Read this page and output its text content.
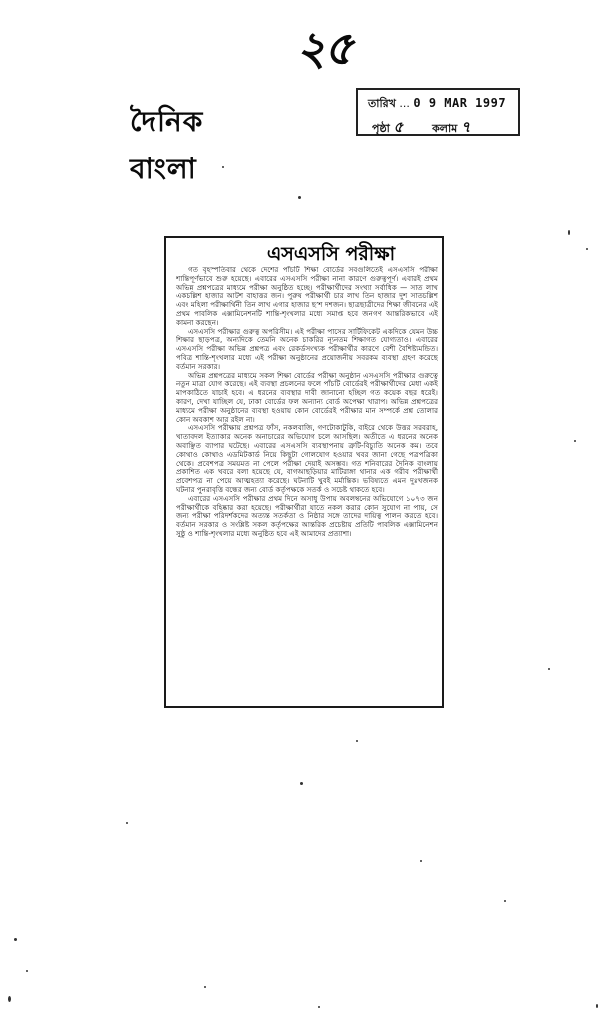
২৫
দৈনিক বাংলা
তারিখ ... 0 9 MAR 1997
পৃষ্ঠা ৫	কলাম ৭
এসএসসি পরীক্ষা

গত বৃহস্পতিবার থেকে দেশের পাঁচটি শিক্ষা বোর্ডের সবগুলিতেই এসএসসি পরীক্ষা শান্তিপূর্ণভাবে শুরু হয়েছে। এবারের এসএসসি পরীক্ষা নানা কারণে গুরুত্বপূর্ণ। এবারই প্রথম অভিন্ন প্রশ্নপত্রের মাধ্যমে পরীক্ষা অনুষ্ঠিত হচ্ছে। পরীক্ষার্থীদের সংখ্যা সর্বাধিক — সাত লাখ একচল্লিশ হাজার আটশ বাহাত্তর জন। পুরুষ পরীক্ষার্থী চার লাখ তিন হাজার দুশ সাতচল্লিশ এবং মহিলা পরীক্ষার্থিনী তিন লাখ এগার হাজার ছ’শ দশজন। ছাত্রছাত্রীদের শিক্ষা জীবনের এই প্রথম পাবলিক এক্সামিনেশনটি শান্তি-শৃংখলার মধ্যে সমাপ্ত হবে জনগণ আন্তরিকভাবে এই কামনা করছেন।

এসএসসি পরীক্ষার গুরুত্ব অপরিসীম। এই পরীক্ষা পাসের সার্টিফিকেট একদিকে যেমন উচ্চ শিক্ষার ছাড়পত্র, অন্যদিকে তেমনি অনেক চাকরির ন্যূনতম শিক্ষাগত যোগ্যতাও। এবারের এসএসসি পরীক্ষা অভিন্ন প্রশ্নপত্র এবং রেকর্ডসংখ্যক পরীক্ষার্থীর কারণে বেশী বৈশিষ্ট্যমন্ডিত। পবিত্র শান্তি-শৃংখলার মধ্যে এই পরীক্ষা অনুষ্ঠানের প্রয়োজনীয় সবরকম ব্যবস্থা গ্রহণ করেছে বর্তমান সরকার।

অভিন্ন প্রশ্নপত্রের মাধ্যমে সকল শিক্ষা বোর্ডের পরীক্ষা অনুষ্ঠান এসএসসি পরীক্ষার গুরুত্বে নতুন মাত্রা যোগ করেছে। এই ব্যবস্থা প্রচলনের ফলে পাঁচটি বোর্ডেরই পরীক্ষার্থীদের মেধা একই মাপকাঠিতে যাচাই হবে। এ ধরনের ব্যবস্থার দাবী জানানো হচ্ছিল গত কয়েক বছর ধরেই। কারণ, দেখা যাচ্ছিল যে, ঢাকা বোর্ডের ফল অন্যান্য বোর্ড অপেক্ষা খারাপ। অভিন্ন প্রশ্নপত্রের মাধ্যমে পরীক্ষা অনুষ্ঠানের ব্যবস্থা হওয়ায় কোন বোর্ডেরই পরীক্ষার মান সম্পর্কে প্রশ্ন তোলার কোন অবকাশ আর রইল না।

এসএসসি পরীক্ষায় প্রশ্নপত্র ফাঁস, নকলবাজি, গণটোকাটুকি, বাইরে থেকে উত্তর সরবরাহ, খাতাবদল ইত্যাকার অনেক অনাচারের অভিযোগ চলে আসছিল। অতীতে এ ধরনের অনেক অবাঞ্ছিত ব্যাপার ঘটেছে। এবারের এসএসসি ব্যবস্থাপনায় ত্রুটি-বিচ্যুতি অনেক কম। তবে কোথাও কোথাও এডমিটকার্ড নিয়ে কিছুটা গোলযোগ হওয়ার খবর জানা গেছে পত্রপত্রিকা থেকে। প্রবেশপত্র সময়মত না পেলে পরীক্ষা দেয়াই অসম্ভব। গত শনিবারের দৈনিক বাংলায় প্রকাশিত এক খবরে বলা হয়েছে যে, বাগআছড়িয়ার মাটিরাঙ্গা থানার এক গরীব পরীক্ষার্থী প্রবেশপত্র না পেয়ে আত্মহত্যা করেছে। ঘটনাটি খুবই মর্মান্তিক। ভবিষ্যতে এমন দুঃখজনক ঘটনার পুনরাবৃত্তি বন্ধের জন্য বোর্ড কর্তৃপক্ষকে সতর্ক ও সচেষ্ট থাকতে হবে।

এবারের এসএসসি পরীক্ষার প্রথম দিনে অসাধু উপায় অবলম্বনের অভিযোগে ১০৭৩ জন পরীক্ষার্থীকে বহিষ্কার করা হয়েছে। পরীক্ষার্থীরা যাতে নকল করার কোন সুযোগ না পায়, সে জন্য পরীক্ষা পরিদর্শকদের অত্যন্ত সতর্কতা ও নিষ্ঠার সঙ্গে তাদের দায়িত্ব পালন করতে হবে। বর্তমান সরকার ও সংশ্লিষ্ট সকল কর্তৃপক্ষের আন্তরিক প্রচেষ্টায় প্রতিটি পাবলিক এক্সামিনেশন সুষ্ঠু ও শান্তি-শৃংখলার মধ্যে অনুষ্ঠিত হবে এই আমাদের প্রত্যাশা।
